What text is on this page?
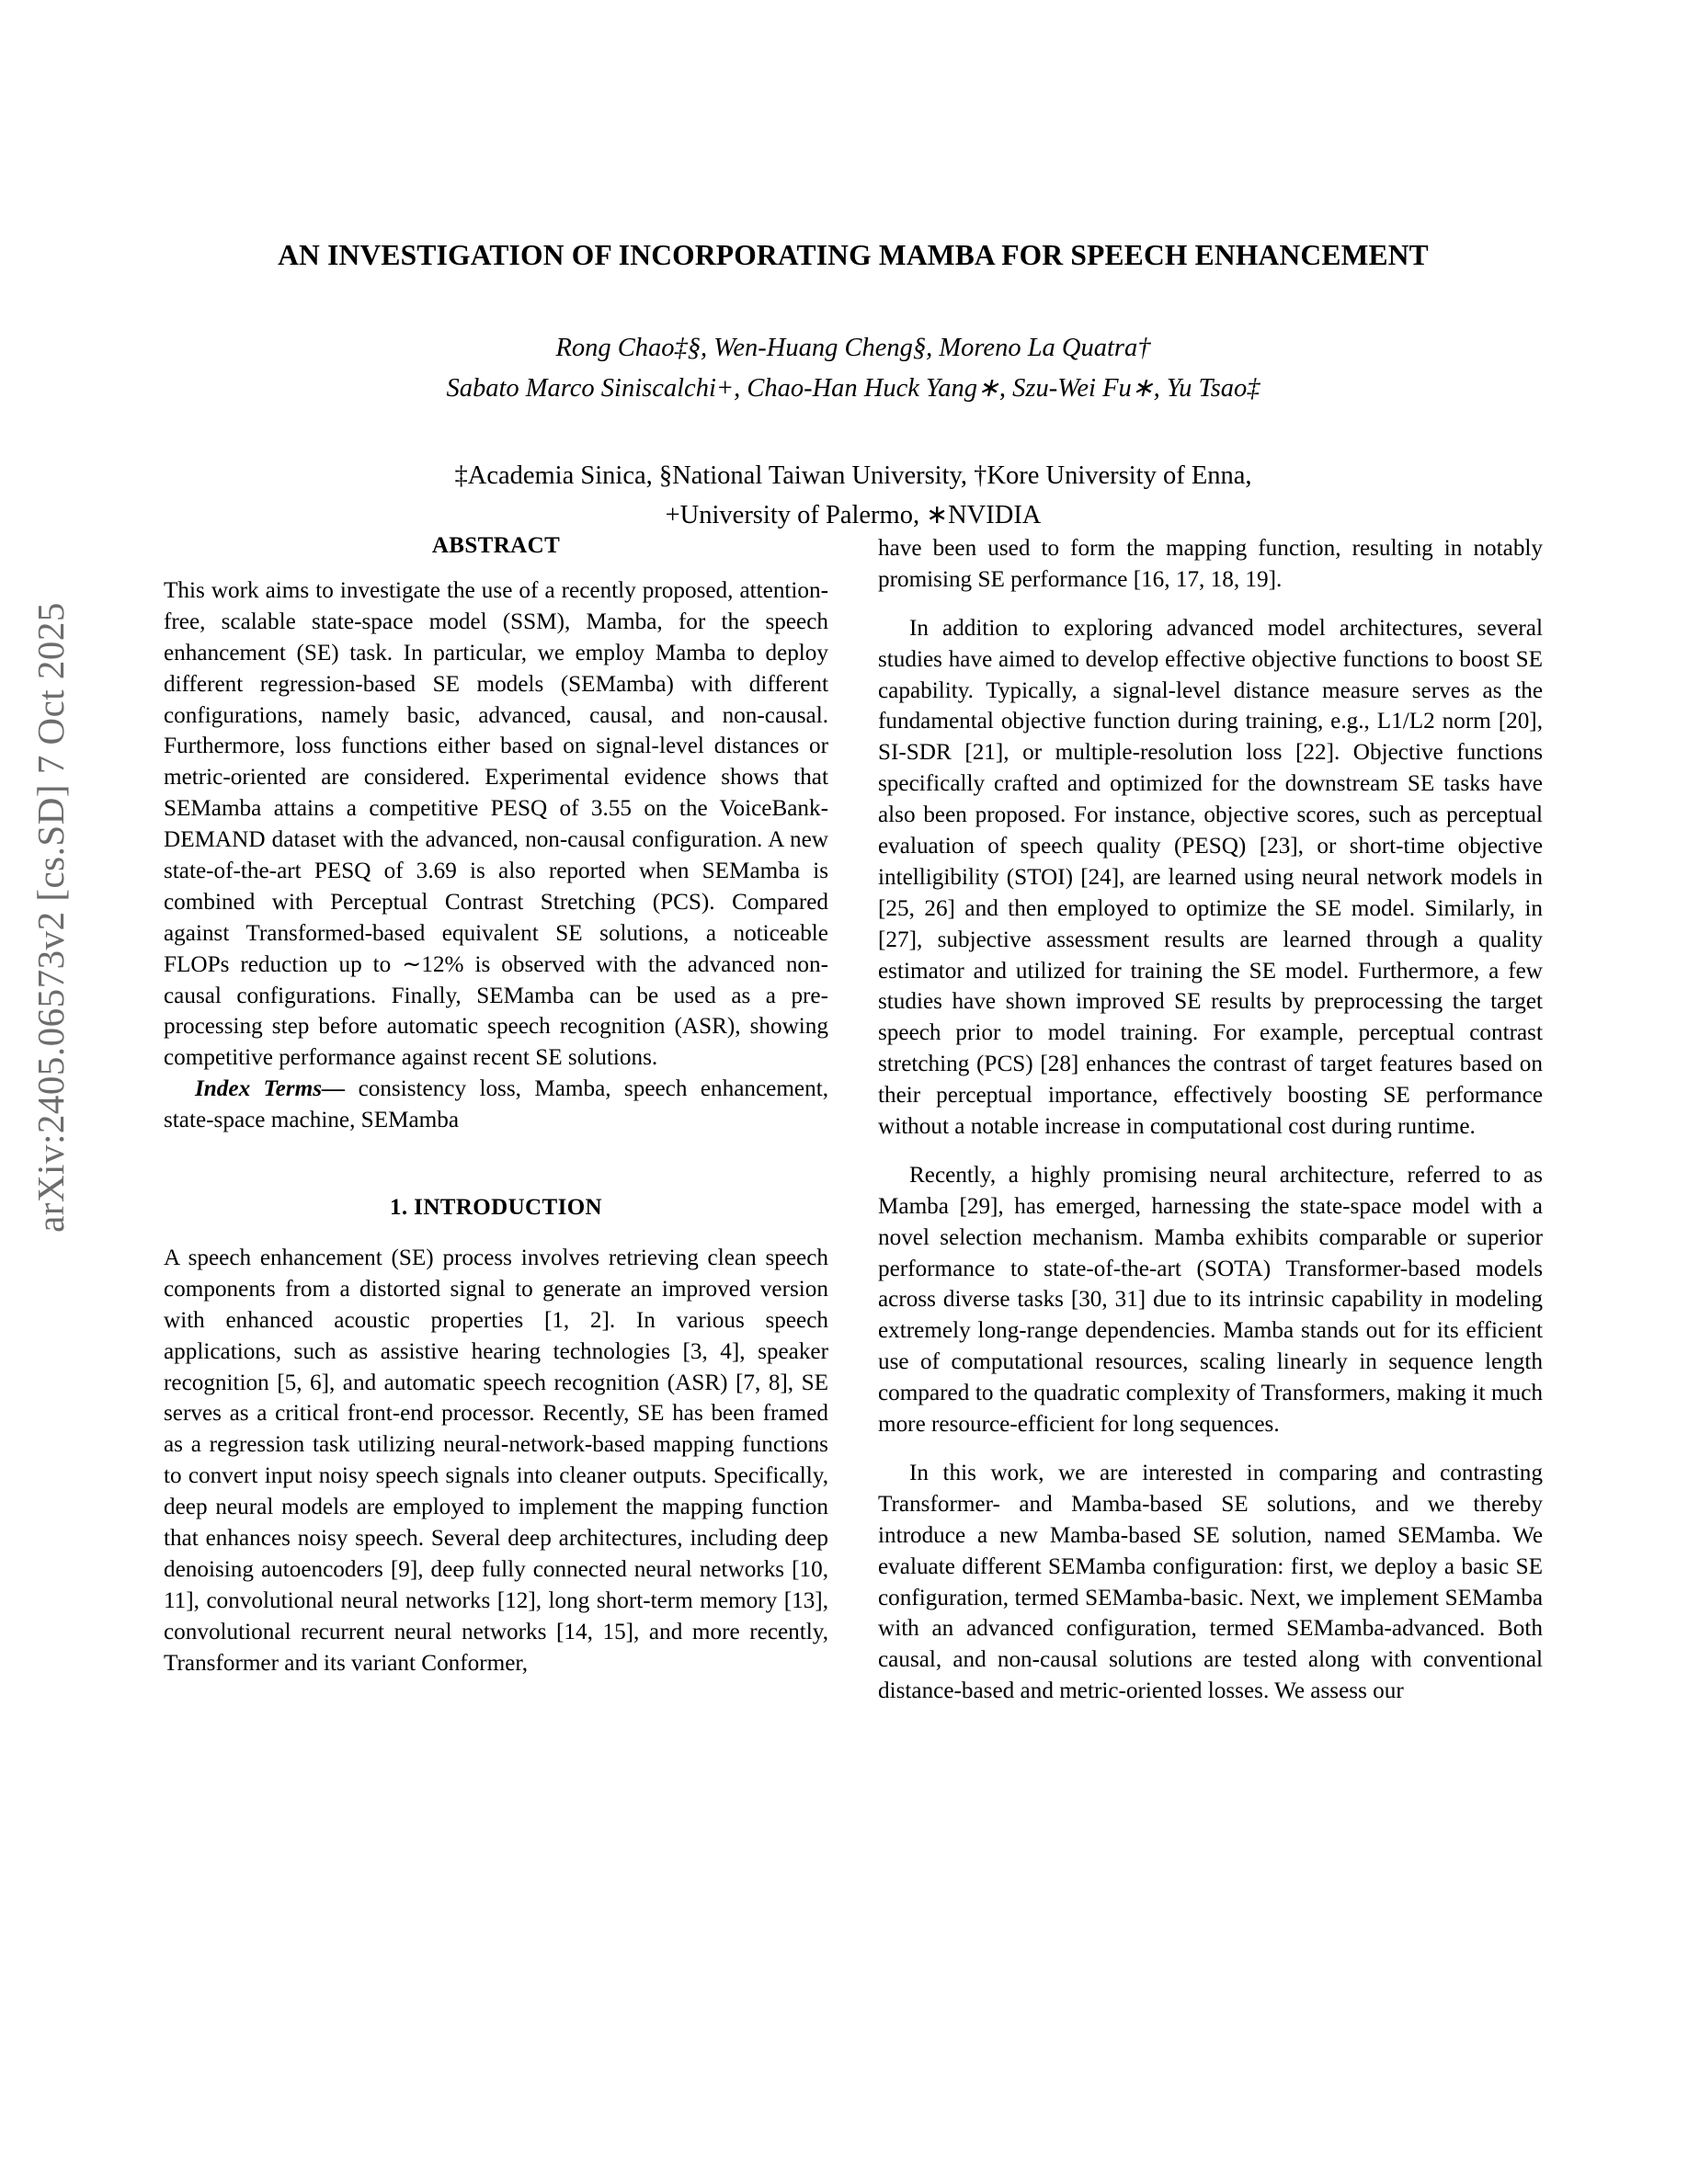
arXiv:2405.06573v2 [cs.SD] 7 Oct 2025
AN INVESTIGATION OF INCORPORATING MAMBA FOR SPEECH ENHANCEMENT
Rong Chao‡§, Wen-Huang Cheng§, Moreno La Quatra†
Sabato Marco Siniscalchi+, Chao-Han Huck Yang∗, Szu-Wei Fu∗, Yu Tsao‡
‡Academia Sinica, §National Taiwan University, †Kore University of Enna,
+University of Palermo, ∗NVIDIA
ABSTRACT

This work aims to investigate the use of a recently proposed, attention-free, scalable state-space model (SSM), Mamba, for the speech enhancement (SE) task. In particular, we employ Mamba to deploy different regression-based SE models (SEMamba) with different configurations, namely basic, advanced, causal, and non-causal. Furthermore, loss functions either based on signal-level distances or metric-oriented are considered. Experimental evidence shows that SEMamba attains a competitive PESQ of 3.55 on the VoiceBank-DEMAND dataset with the advanced, non-causal configuration. A new state-of-the-art PESQ of 3.69 is also reported when SEMamba is combined with Perceptual Contrast Stretching (PCS). Compared against Transformed-based equivalent SE solutions, a noticeable FLOPs reduction up to ∼12% is observed with the advanced non-causal configurations. Finally, SEMamba can be used as a pre-processing step before automatic speech recognition (ASR), showing competitive performance against recent SE solutions.

Index Terms— consistency loss, Mamba, speech enhancement, state-space machine, SEMamba

1. INTRODUCTION

A speech enhancement (SE) process involves retrieving clean speech components from a distorted signal to generate an improved version with enhanced acoustic properties [1, 2]. In various speech applications, such as assistive hearing technologies [3, 4], speaker recognition [5, 6], and automatic speech recognition (ASR) [7, 8], SE serves as a critical front-end processor. Recently, SE has been framed as a regression task utilizing neural-network-based mapping functions to convert input noisy speech signals into cleaner outputs. Specifically, deep neural models are employed to implement the mapping function that enhances noisy speech. Several deep architectures, including deep denoising autoencoders [9], deep fully connected neural networks [10, 11], convolutional neural networks [12], long short-term memory [13], convolutional recurrent neural networks [14, 15], and more recently, Transformer and its variant Conformer,

have been used to form the mapping function, resulting in notably promising SE performance [16, 17, 18, 19].

In addition to exploring advanced model architectures, several studies have aimed to develop effective objective functions to boost SE capability. Typically, a signal-level distance measure serves as the fundamental objective function during training, e.g., L1/L2 norm [20], SI-SDR [21], or multiple-resolution loss [22]. Objective functions specifically crafted and optimized for the downstream SE tasks have also been proposed. For instance, objective scores, such as perceptual evaluation of speech quality (PESQ) [23], or short-time objective intelligibility (STOI) [24], are learned using neural network models in [25, 26] and then employed to optimize the SE model. Similarly, in [27], subjective assessment results are learned through a quality estimator and utilized for training the SE model. Furthermore, a few studies have shown improved SE results by preprocessing the target speech prior to model training. For example, perceptual contrast stretching (PCS) [28] enhances the contrast of target features based on their perceptual importance, effectively boosting SE performance without a notable increase in computational cost during runtime.

Recently, a highly promising neural architecture, referred to as Mamba [29], has emerged, harnessing the state-space model with a novel selection mechanism. Mamba exhibits comparable or superior performance to state-of-the-art (SOTA) Transformer-based models across diverse tasks [30, 31] due to its intrinsic capability in modeling extremely long-range dependencies. Mamba stands out for its efficient use of computational resources, scaling linearly in sequence length compared to the quadratic complexity of Transformers, making it much more resource-efficient for long sequences.

In this work, we are interested in comparing and contrasting Transformer- and Mamba-based SE solutions, and we thereby introduce a new Mamba-based SE solution, named SEMamba. We evaluate different SEMamba configuration: first, we deploy a basic SE configuration, termed SEMamba-basic. Next, we implement SEMamba with an advanced configuration, termed SEMamba-advanced. Both causal, and non-causal solutions are tested along with conventional distance-based and metric-oriented losses. We assess our
